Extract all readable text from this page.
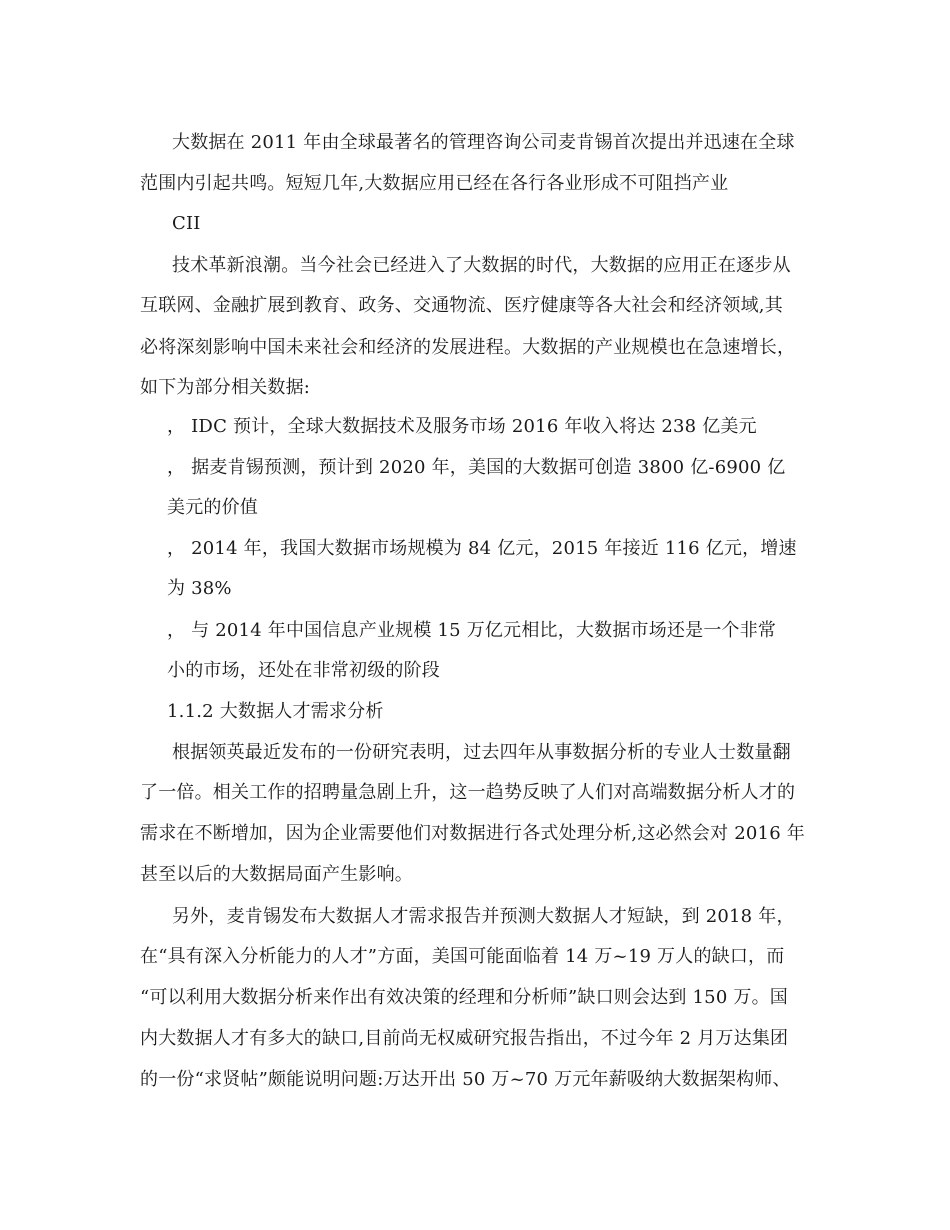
大数据在 2011 年由全球最著名的管理咨询公司麦肯锡首次提出并迅速在全球
范围内引起共鸣。短短几年,大数据应用已经在各行各业形成不可阻挡产业
CII
技术革新浪潮。当今社会已经进入了大数据的时代，大数据的应用正在逐步从
互联网、金融扩展到教育、政务、交通物流、医疗健康等各大社会和经济领域,其
必将深刻影响中国未来社会和经济的发展进程。大数据的产业规模也在急速增长，
如下为部分相关数据:
， IDC 预计，全球大数据技术及服务市场 2016 年收入将达 238 亿美元
， 据麦肯锡预测，预计到 2020 年，美国的大数据可创造 3800 亿-6900 亿
美元的价值
， 2014 年，我国大数据市场规模为 84 亿元，2015 年接近 116 亿元，增速
为 38%
， 与 2014 年中国信息产业规模 15 万亿元相比，大数据市场还是一个非常
小的市场，还处在非常初级的阶段
1.1.2 大数据人才需求分析
根据领英最近发布的一份研究表明，过去四年从事数据分析的专业人士数量翻
了一倍。相关工作的招聘量急剧上升，这一趋势反映了人们对高端数据分析人才的
需求在不断增加，因为企业需要他们对数据进行各式处理分析,这必然会对 2016 年
甚至以后的大数据局面产生影响。
另外，麦肯锡发布大数据人才需求报告并预测大数据人才短缺，到 2018 年，
在“具有深入分析能力的人才”方面，美国可能面临着 14 万~19 万人的缺口，而
“可以利用大数据分析来作出有效决策的经理和分析师”缺口则会达到 150 万。国
内大数据人才有多大的缺口,目前尚无权威研究报告指出，不过今年 2 月万达集团
的一份“求贤帖”颇能说明问题:万达开出 50 万~70 万元年薪吸纳大数据架构师、
